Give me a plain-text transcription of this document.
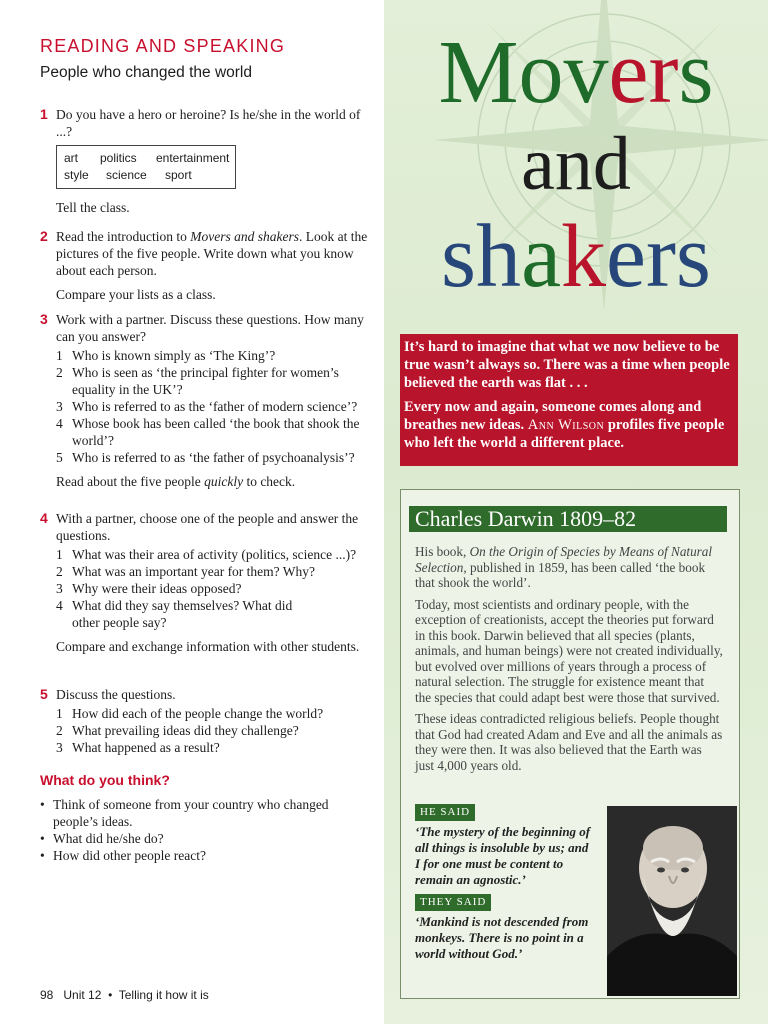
READING AND SPEAKING
People who changed the world
1 Do you have a hero or heroine? Is he/she in the world of ...?
art politics entertainment
style science sport
Tell the class.
2 Read the introduction to Movers and shakers. Look at the pictures of the five people. Write down what you know about each person.
Compare your lists as a class.
3 Work with a partner. Discuss these questions. How many can you answer?
1 Who is known simply as ‘The King’?
2 Who is seen as ‘the principal fighter for women’s equality in the UK’?
3 Who is referred to as the ‘father of modern science’?
4 Whose book has been called ‘the book that shook the world’?
5 Who is referred to as ‘the father of psychoanalysis’?
Read about the five people quickly to check.
4 With a partner, choose one of the people and answer the questions.
1 What was their area of activity (politics, science ...)?
2 What was an important year for them? Why?
3 Why were their ideas opposed?
4 What did they say themselves? What did other people say?
Compare and exchange information with other students.
5 Discuss the questions.
1 How did each of the people change the world?
2 What prevailing ideas did they challenge?
3 What happened as a result?
What do you think?
• Think of someone from your country who changed people’s ideas.
• What did he/she do?
• How did other people react?
98 Unit 12 • Telling it how it is
Movers
and
shakers

It’s hard to imagine that what we now believe to be true wasn’t always so. There was a time when people believed the earth was flat . . .

Every now and again, someone comes along and breathes new ideas. Ann Wilson profiles five people who left the world a different place.

Charles Darwin 1809–82

His book, On the Origin of Species by Means of Natural Selection, published in 1859, has been called ‘the book that shook the world’.

Today, most scientists and ordinary people, with the exception of creationists, accept the theories put forward in this book. Darwin believed that all species (plants, animals, and human beings) were not created individually, but evolved over millions of years through a process of natural selection. The struggle for existence meant that the species that could adapt best were those that survived.

These ideas contradicted religious beliefs. People thought that God had created Adam and Eve and all the animals as they were then. It was also believed that the Earth was just 4,000 years old.

HE SAID
‘The mystery of the beginning of all things is insoluble by us; and I for one must be content to remain an agnostic.’
THEY SAID
‘Mankind is not descended from monkeys. There is no point in a world without God.’
